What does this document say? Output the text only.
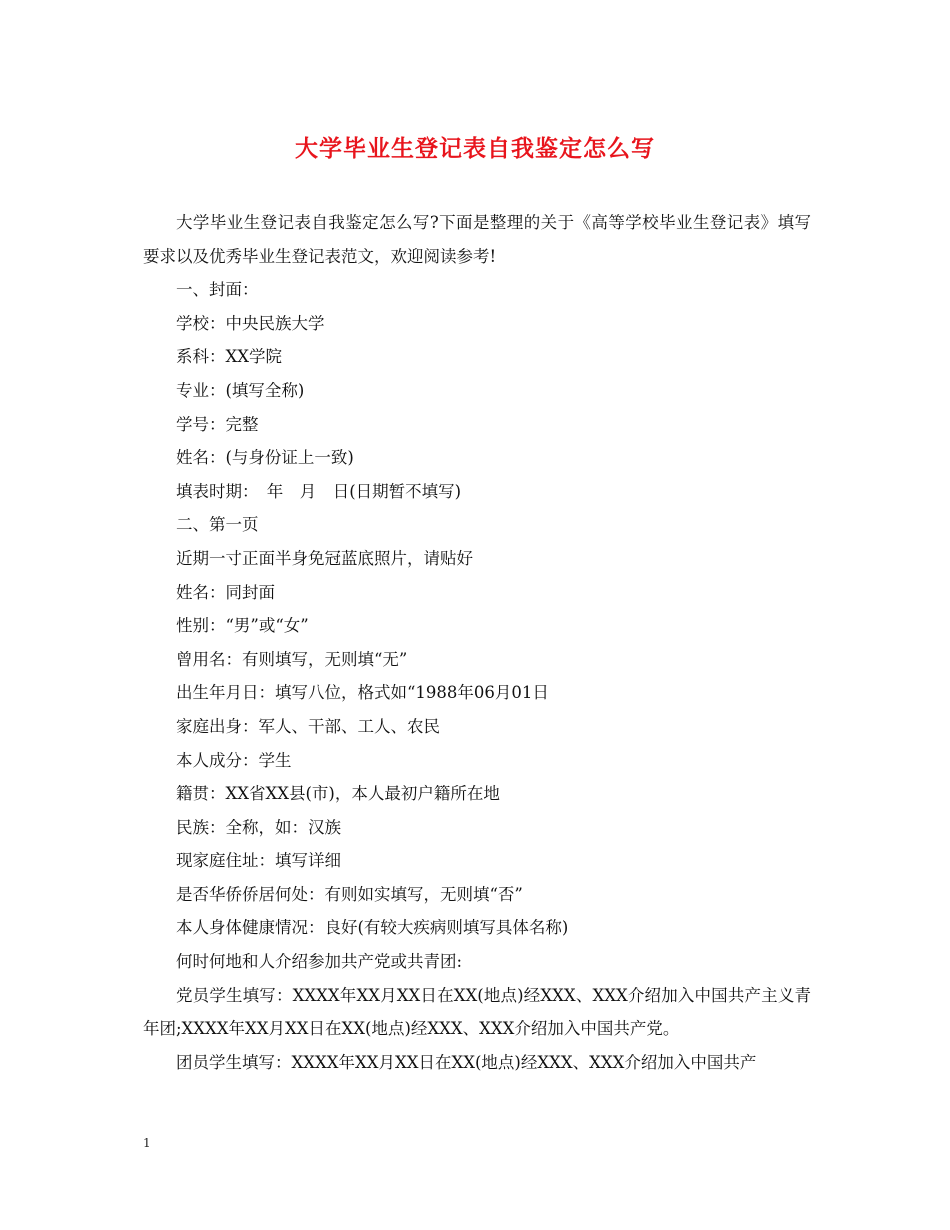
大学毕业生登记表自我鉴定怎么写

大学毕业生登记表自我鉴定怎么写?下面是整理的关于《高等学校毕业生登记表》填写要求以及优秀毕业生登记表范文，欢迎阅读参考!

一、封面：

学校：中央民族大学

系科：XX学院

专业：(填写全称)

学号：完整

姓名：(与身份证上一致)

填表时期：　年　月　日(日期暂不填写)

二、第一页

近期一寸正面半身免冠蓝底照片，请贴好

姓名：同封面

性别：“男”或“女”

曾用名：有则填写，无则填“无”

出生年月日：填写八位，格式如“1988年06月01日

家庭出身：军人、干部、工人、农民

本人成分：学生

籍贯：XX省XX县(市)，本人最初户籍所在地

民族：全称，如：汉族

现家庭住址：填写详细

是否华侨侨居何处：有则如实填写，无则填“否”

本人身体健康情况：良好(有较大疾病则填写具体名称)

何时何地和人介绍参加共产党或共青团:

党员学生填写：XXXX年XX月XX日在XX(地点)经XXX、XXX介绍加入中国共产主义青年团;XXXX年XX月XX日在XX(地点)经XXX、XXX介绍加入中国共产党。

团员学生填写：XXXX年XX月XX日在XX(地点)经XXX、XXX介绍加入中国共产

1
